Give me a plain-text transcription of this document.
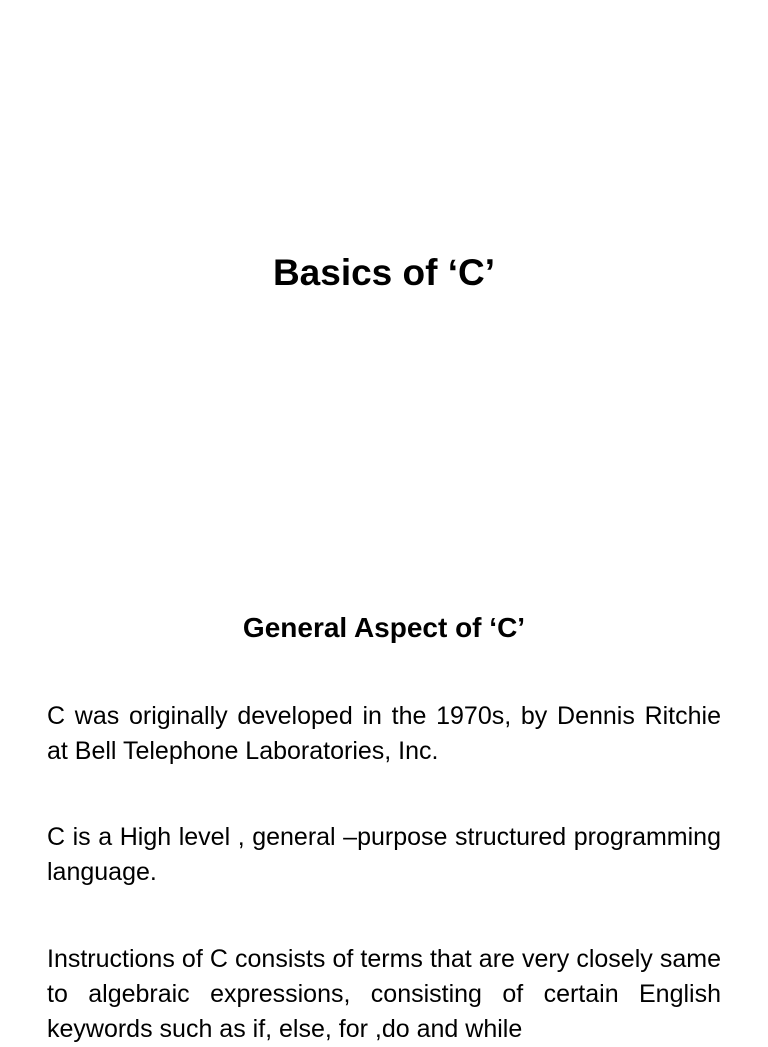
Basics of ‘C’
General Aspect of ‘C’

C was originally developed in the 1970s, by Dennis Ritchie at Bell Telephone Laboratories, Inc.

C is a High level , general –purpose structured programming language.

Instructions of C consists of terms that are very closely same to algebraic expressions, consisting of certain English keywords such as if, else, for ,do and while
